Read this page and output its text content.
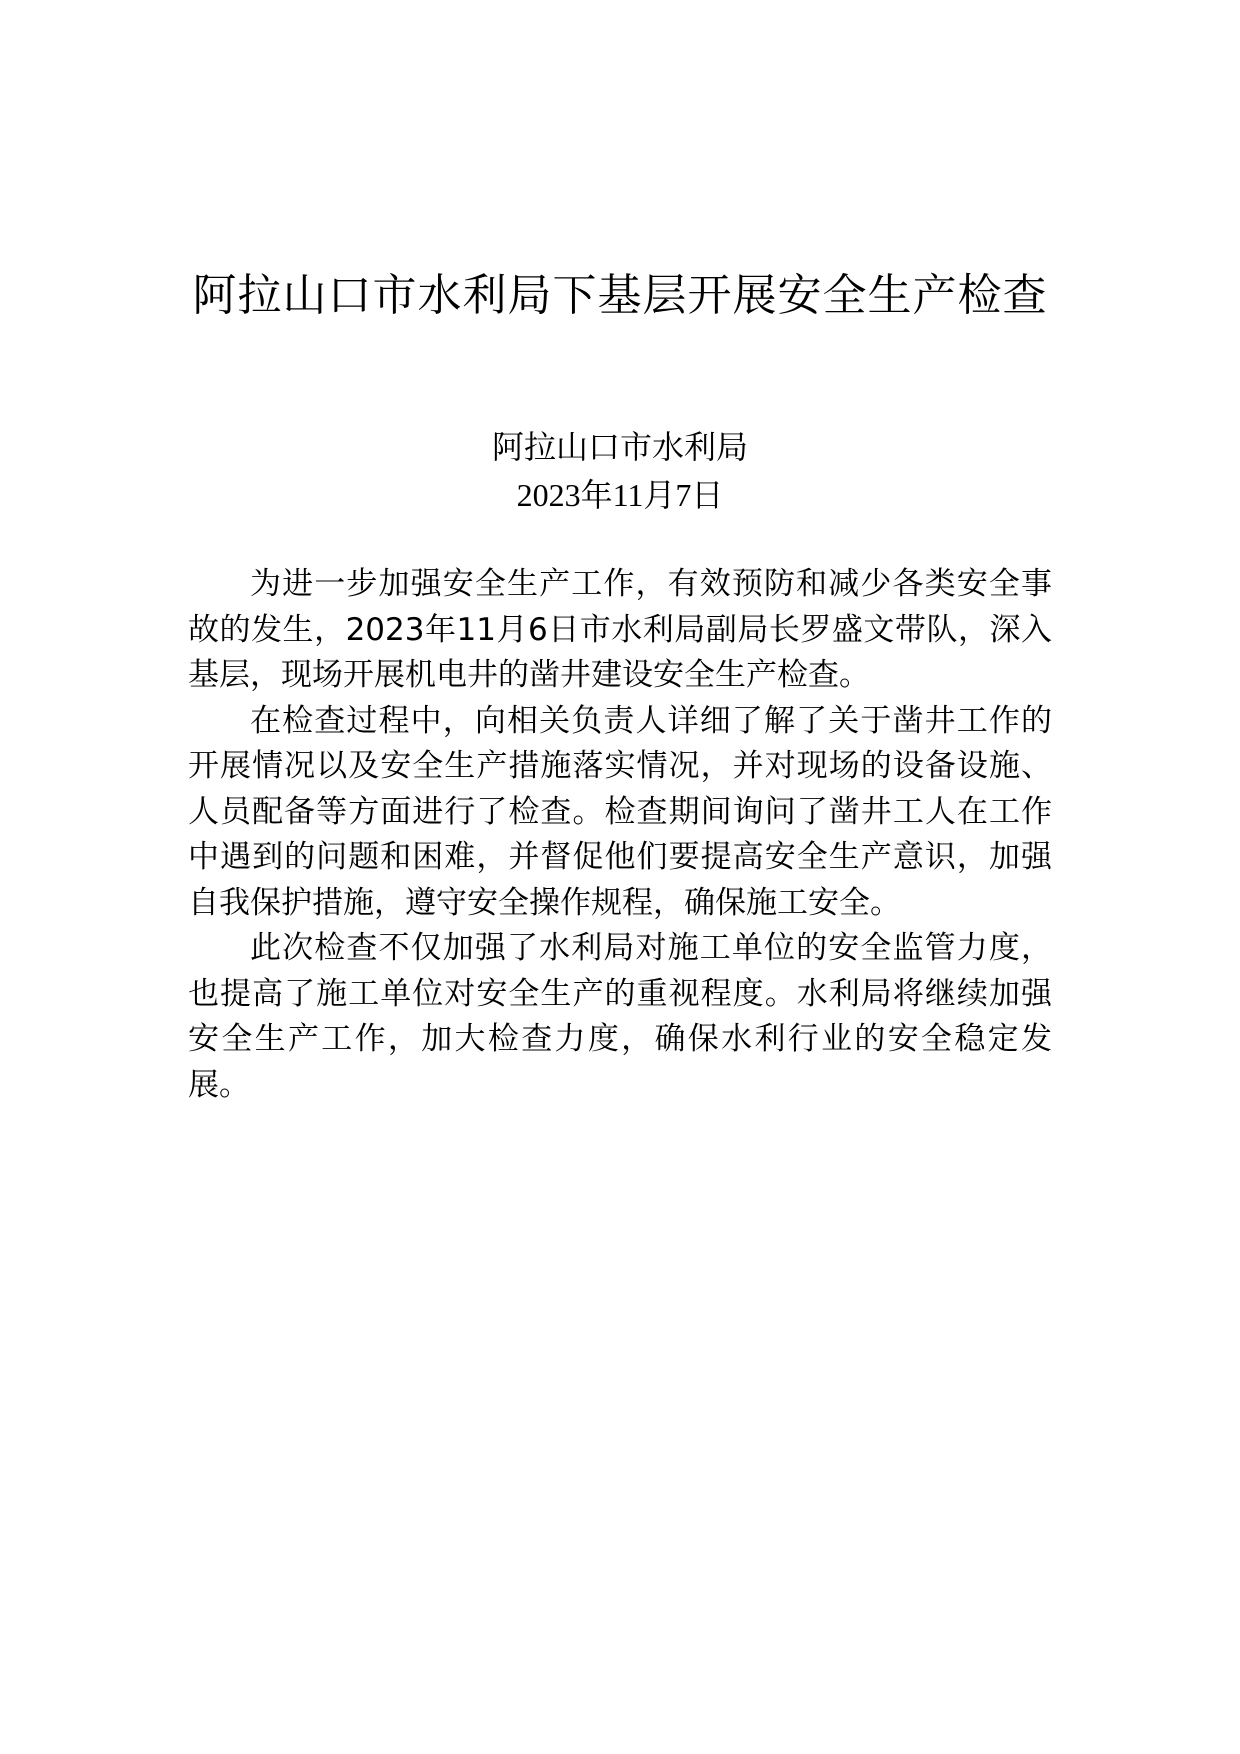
阿拉山口市水利局下基层开展安全生产检查
阿拉山口市水利局
2023年11月7日

为进一步加强安全生产工作，有效预防和减少各类安全事故的发生，2023年11月6日市水利局副局长罗盛文带队，深入基层，现场开展机电井的凿井建设安全生产检查。

在检查过程中，向相关负责人详细了解了关于凿井工作的开展情况以及安全生产措施落实情况，并对现场的设备设施、人员配备等方面进行了检查。检查期间询问了凿井工人在工作中遇到的问题和困难，并督促他们要提高安全生产意识，加强自我保护措施，遵守安全操作规程，确保施工安全。

此次检查不仅加强了水利局对施工单位的安全监管力度，也提高了施工单位对安全生产的重视程度。水利局将继续加强安全生产工作，加大检查力度，确保水利行业的安全稳定发展。
